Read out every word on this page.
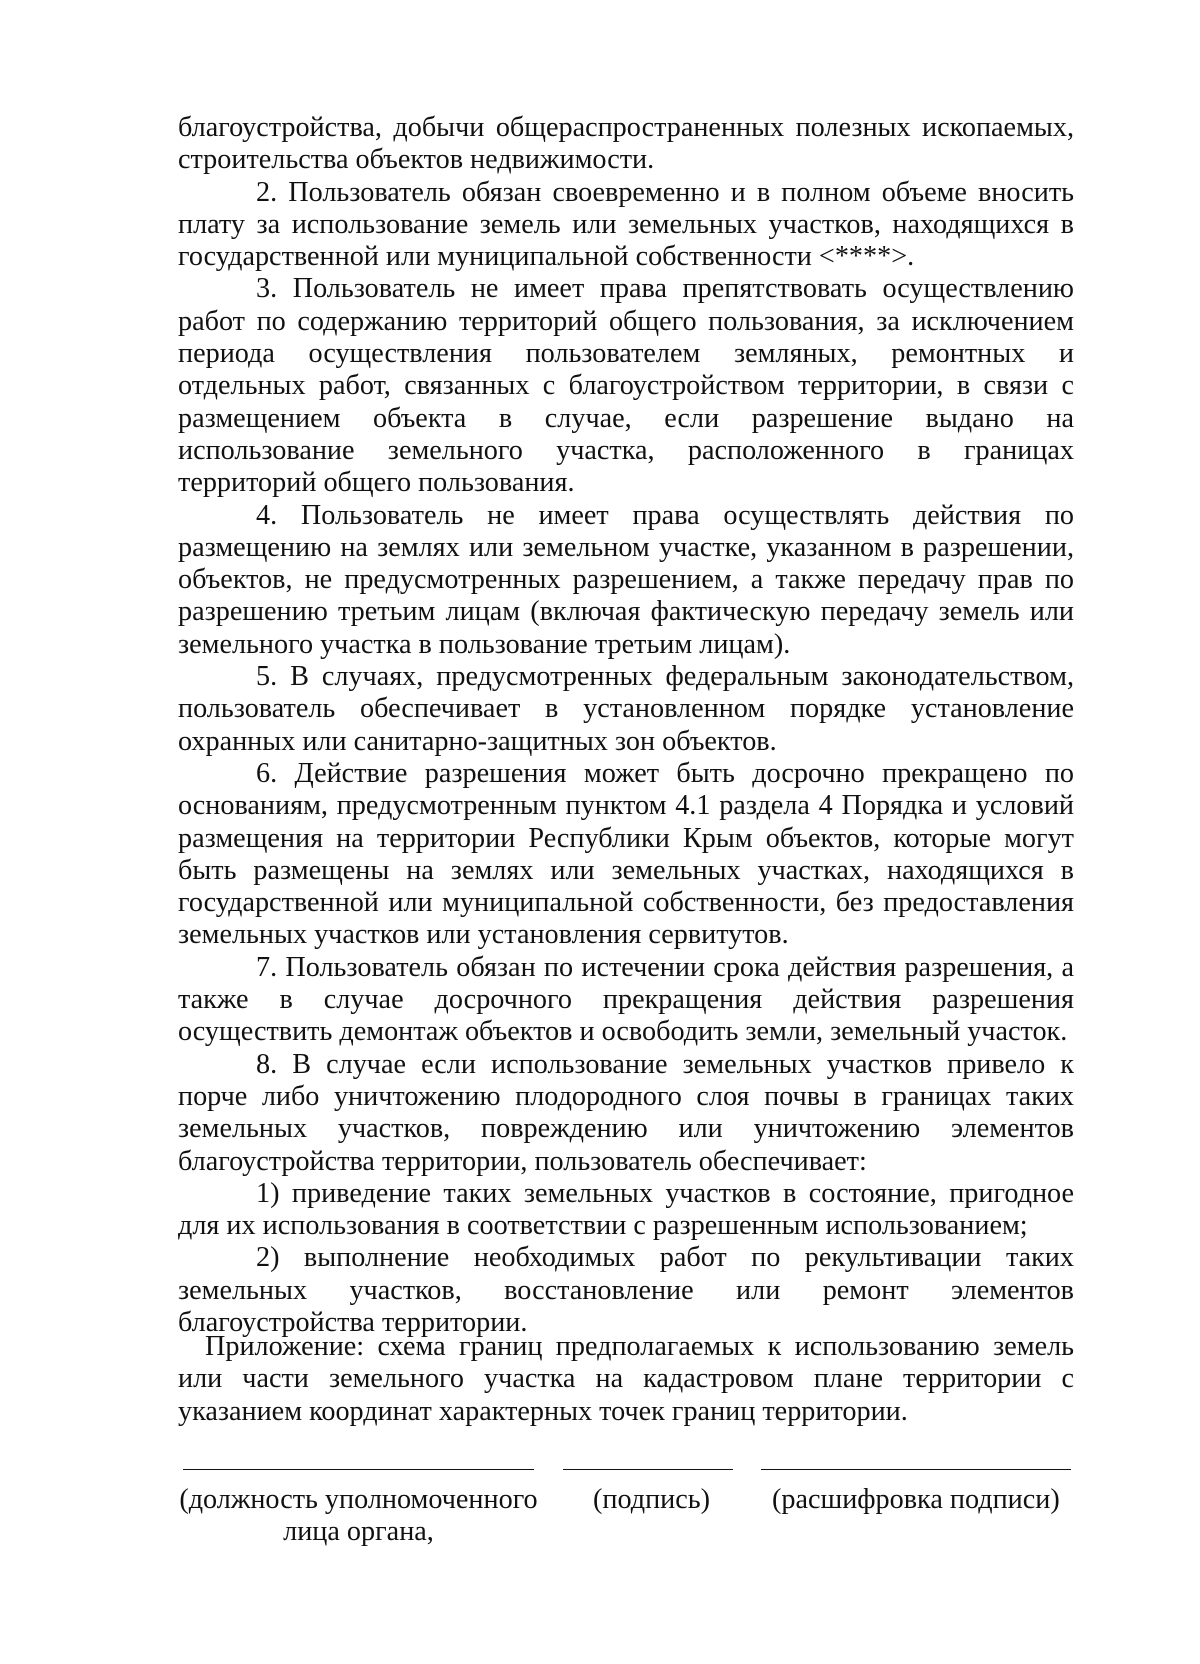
благоустройства, добычи общераспространенных полезных ископаемых, строительства объектов недвижимости.

2. Пользователь обязан своевременно и в полном объеме вносить плату за использование земель или земельных участков, находящихся в государственной или муниципальной собственности <****>.

3. Пользователь не имеет права препятствовать осуществлению работ по содержанию территорий общего пользования, за исключением периода осуществления пользователем земляных, ремонтных и отдельных работ, связанных с благоустройством территории, в связи с размещением объекта в случае, если разрешение выдано на использование земельного участка, расположенного в границах территорий общего пользования.

4. Пользователь не имеет права осуществлять действия по размещению на землях или земельном участке, указанном в разрешении, объектов, не предусмотренных разрешением, а также передачу прав по разрешению третьим лицам (включая фактическую передачу земель или земельного участка в пользование третьим лицам).

5. В случаях, предусмотренных федеральным законодательством, пользователь обеспечивает в установленном порядке установление охранных или санитарно-защитных зон объектов.

6. Действие разрешения может быть досрочно прекращено по основаниям, предусмотренным пунктом 4.1 раздела 4 Порядка и условий размещения на территории Республики Крым объектов, которые могут быть размещены на землях или земельных участках, находящихся в государственной или муниципальной собственности, без предоставления земельных участков или установления сервитутов.

7. Пользователь обязан по истечении срока действия разрешения, а также в случае досрочного прекращения действия разрешения осуществить демонтаж объектов и освободить земли, земельный участок.

8. В случае если использование земельных участков привело к порче либо уничтожению плодородного слоя почвы в границах таких земельных участков, повреждению или уничтожению элементов благоустройства территории, пользователь обеспечивает:

1) приведение таких земельных участков в состояние, пригодное для их использования в соответствии с разрешенным использованием;

2) выполнение необходимых работ по рекультивации таких земельных участков, восстановление или ремонт элементов благоустройства территории.

Приложение: схема границ предполагаемых к использованию земель или части земельного участка на кадастровом плане территории с указанием координат характерных точек границ территории.

(должность уполномоченного лица органа,
(подпись) (расшифровка подписи)
